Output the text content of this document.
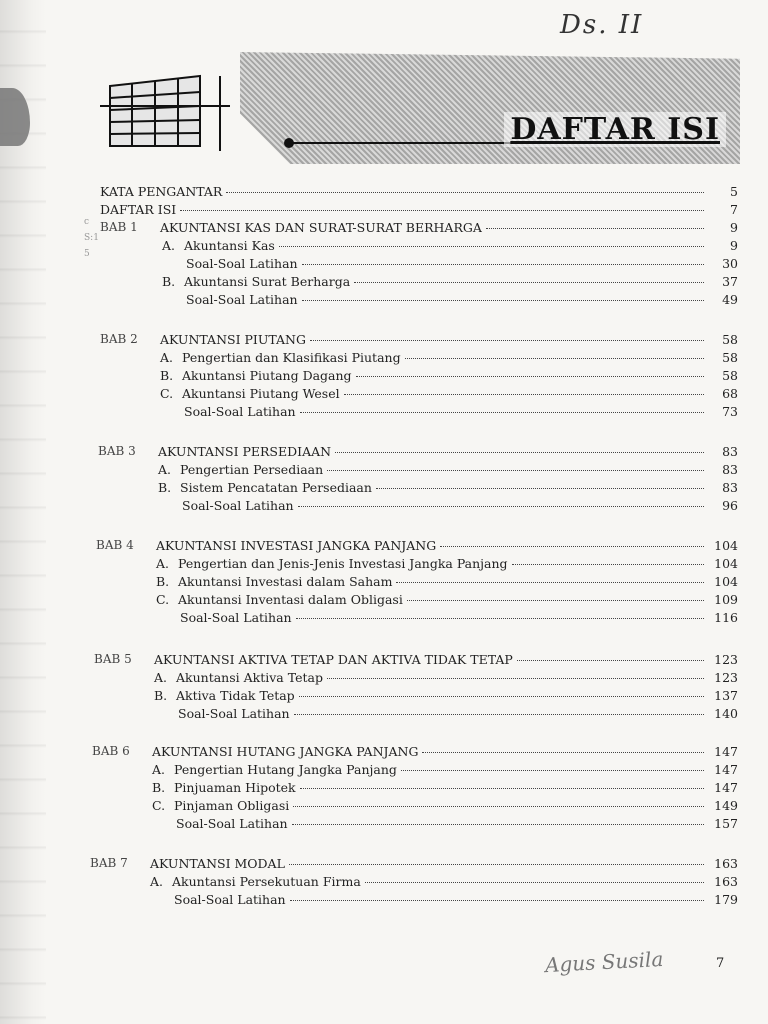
Ds. II
DAFTAR ISI
c
S:1
5
KATA PENGANTAR	5
DAFTAR ISI	7
BAB 1 AKUNTANSI KAS DAN SURAT-SURAT BERHARGA	9
A. Akuntansi Kas	9
Soal-Soal Latihan	30
B. Akuntansi Surat Berharga	37
Soal-Soal Latihan	49
BAB 2 AKUNTANSI PIUTANG	58
A. Pengertian dan Klasifikasi Piutang	58
B. Akuntansi Piutang Dagang	58
C. Akuntansi Piutang Wesel	68
Soal-Soal Latihan	73
BAB 3 AKUNTANSI PERSEDIAAN	83
A. Pengertian Persediaan	83
B. Sistem Pencatatan Persediaan	83
Soal-Soal Latihan	96
BAB 4 AKUNTANSI INVESTASI JANGKA PANJANG	104
A. Pengertian dan Jenis-Jenis Investasi Jangka Panjang	104
B. Akuntansi Investasi dalam Saham	104
C. Akuntansi Inventasi dalam Obligasi	109
Soal-Soal Latihan	116
BAB 5 AKUNTANSI AKTIVA TETAP DAN AKTIVA TIDAK TETAP	123
A. Akuntansi Aktiva Tetap	123
B. Aktiva Tidak Tetap	137
Soal-Soal Latihan	140
BAB 6 AKUNTANSI HUTANG JANGKA PANJANG	147
A. Pengertian Hutang Jangka Panjang	147
B. Pinjuaman Hipotek	147
C. Pinjaman Obligasi	149
Soal-Soal Latihan	157
BAB 7 AKUNTANSI MODAL	163
A. Akuntansi Persekutuan Firma	163
Soal-Soal Latihan	179
Agus Susila	7
